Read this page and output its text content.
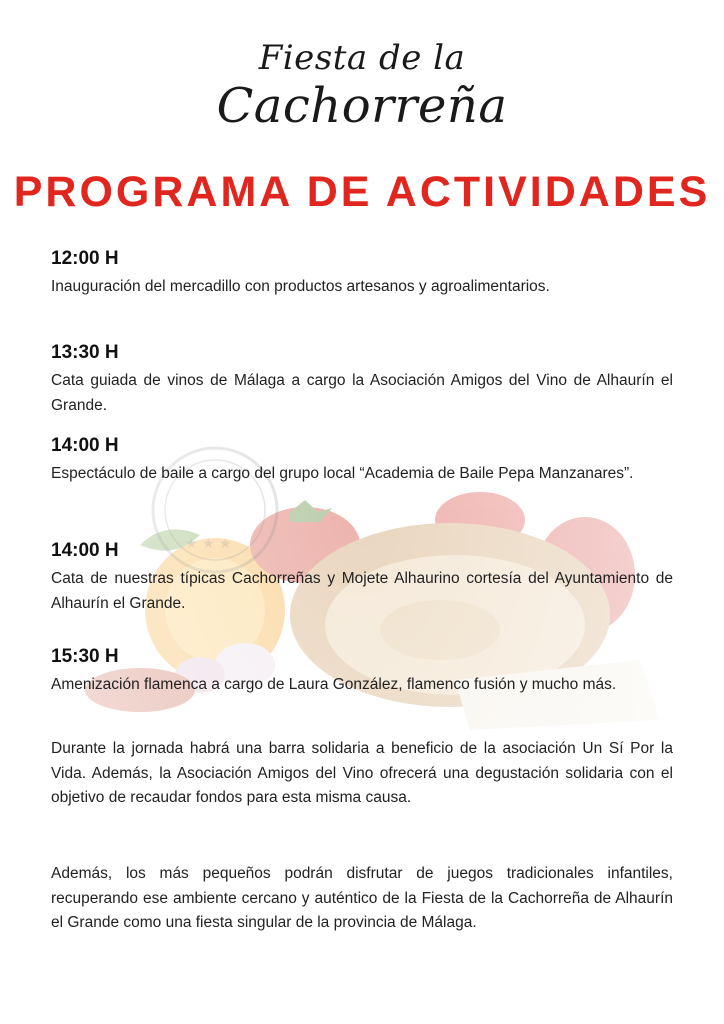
Fiesta de la
Cachorreña
PROGRAMA DE ACTIVIDADES
12:00 H

Inauguración del mercadillo con productos artesanos y agroalimentarios.

13:30 H

Cata guiada de vinos de Málaga a cargo la Asociación Amigos del Vino de Alhaurín el Grande.

14:00 H

Espectáculo de baile a cargo del grupo local “Academia de Baile Pepa Manzanares”.

14:00 H

Cata de nuestras típicas Cachorreñas y Mojete Alhaurino cortesía del Ayuntamiento de Alhaurín el Grande.

15:30 H

Amenización flamenca a cargo de Laura González, flamenco fusión y mucho más.

Durante la jornada habrá una barra solidaria a beneficio de la asociación Un Sí Por la Vida. Además, la Asociación Amigos del Vino ofrecerá una degustación solidaria con el objetivo de recaudar fondos para esta misma causa.

Además, los más pequeños podrán disfrutar de juegos tradicionales infantiles, recuperando ese ambiente cercano y auténtico de la Fiesta de la Cachorreña de Alhaurín el Grande como una fiesta singular de la provincia de Málaga.
